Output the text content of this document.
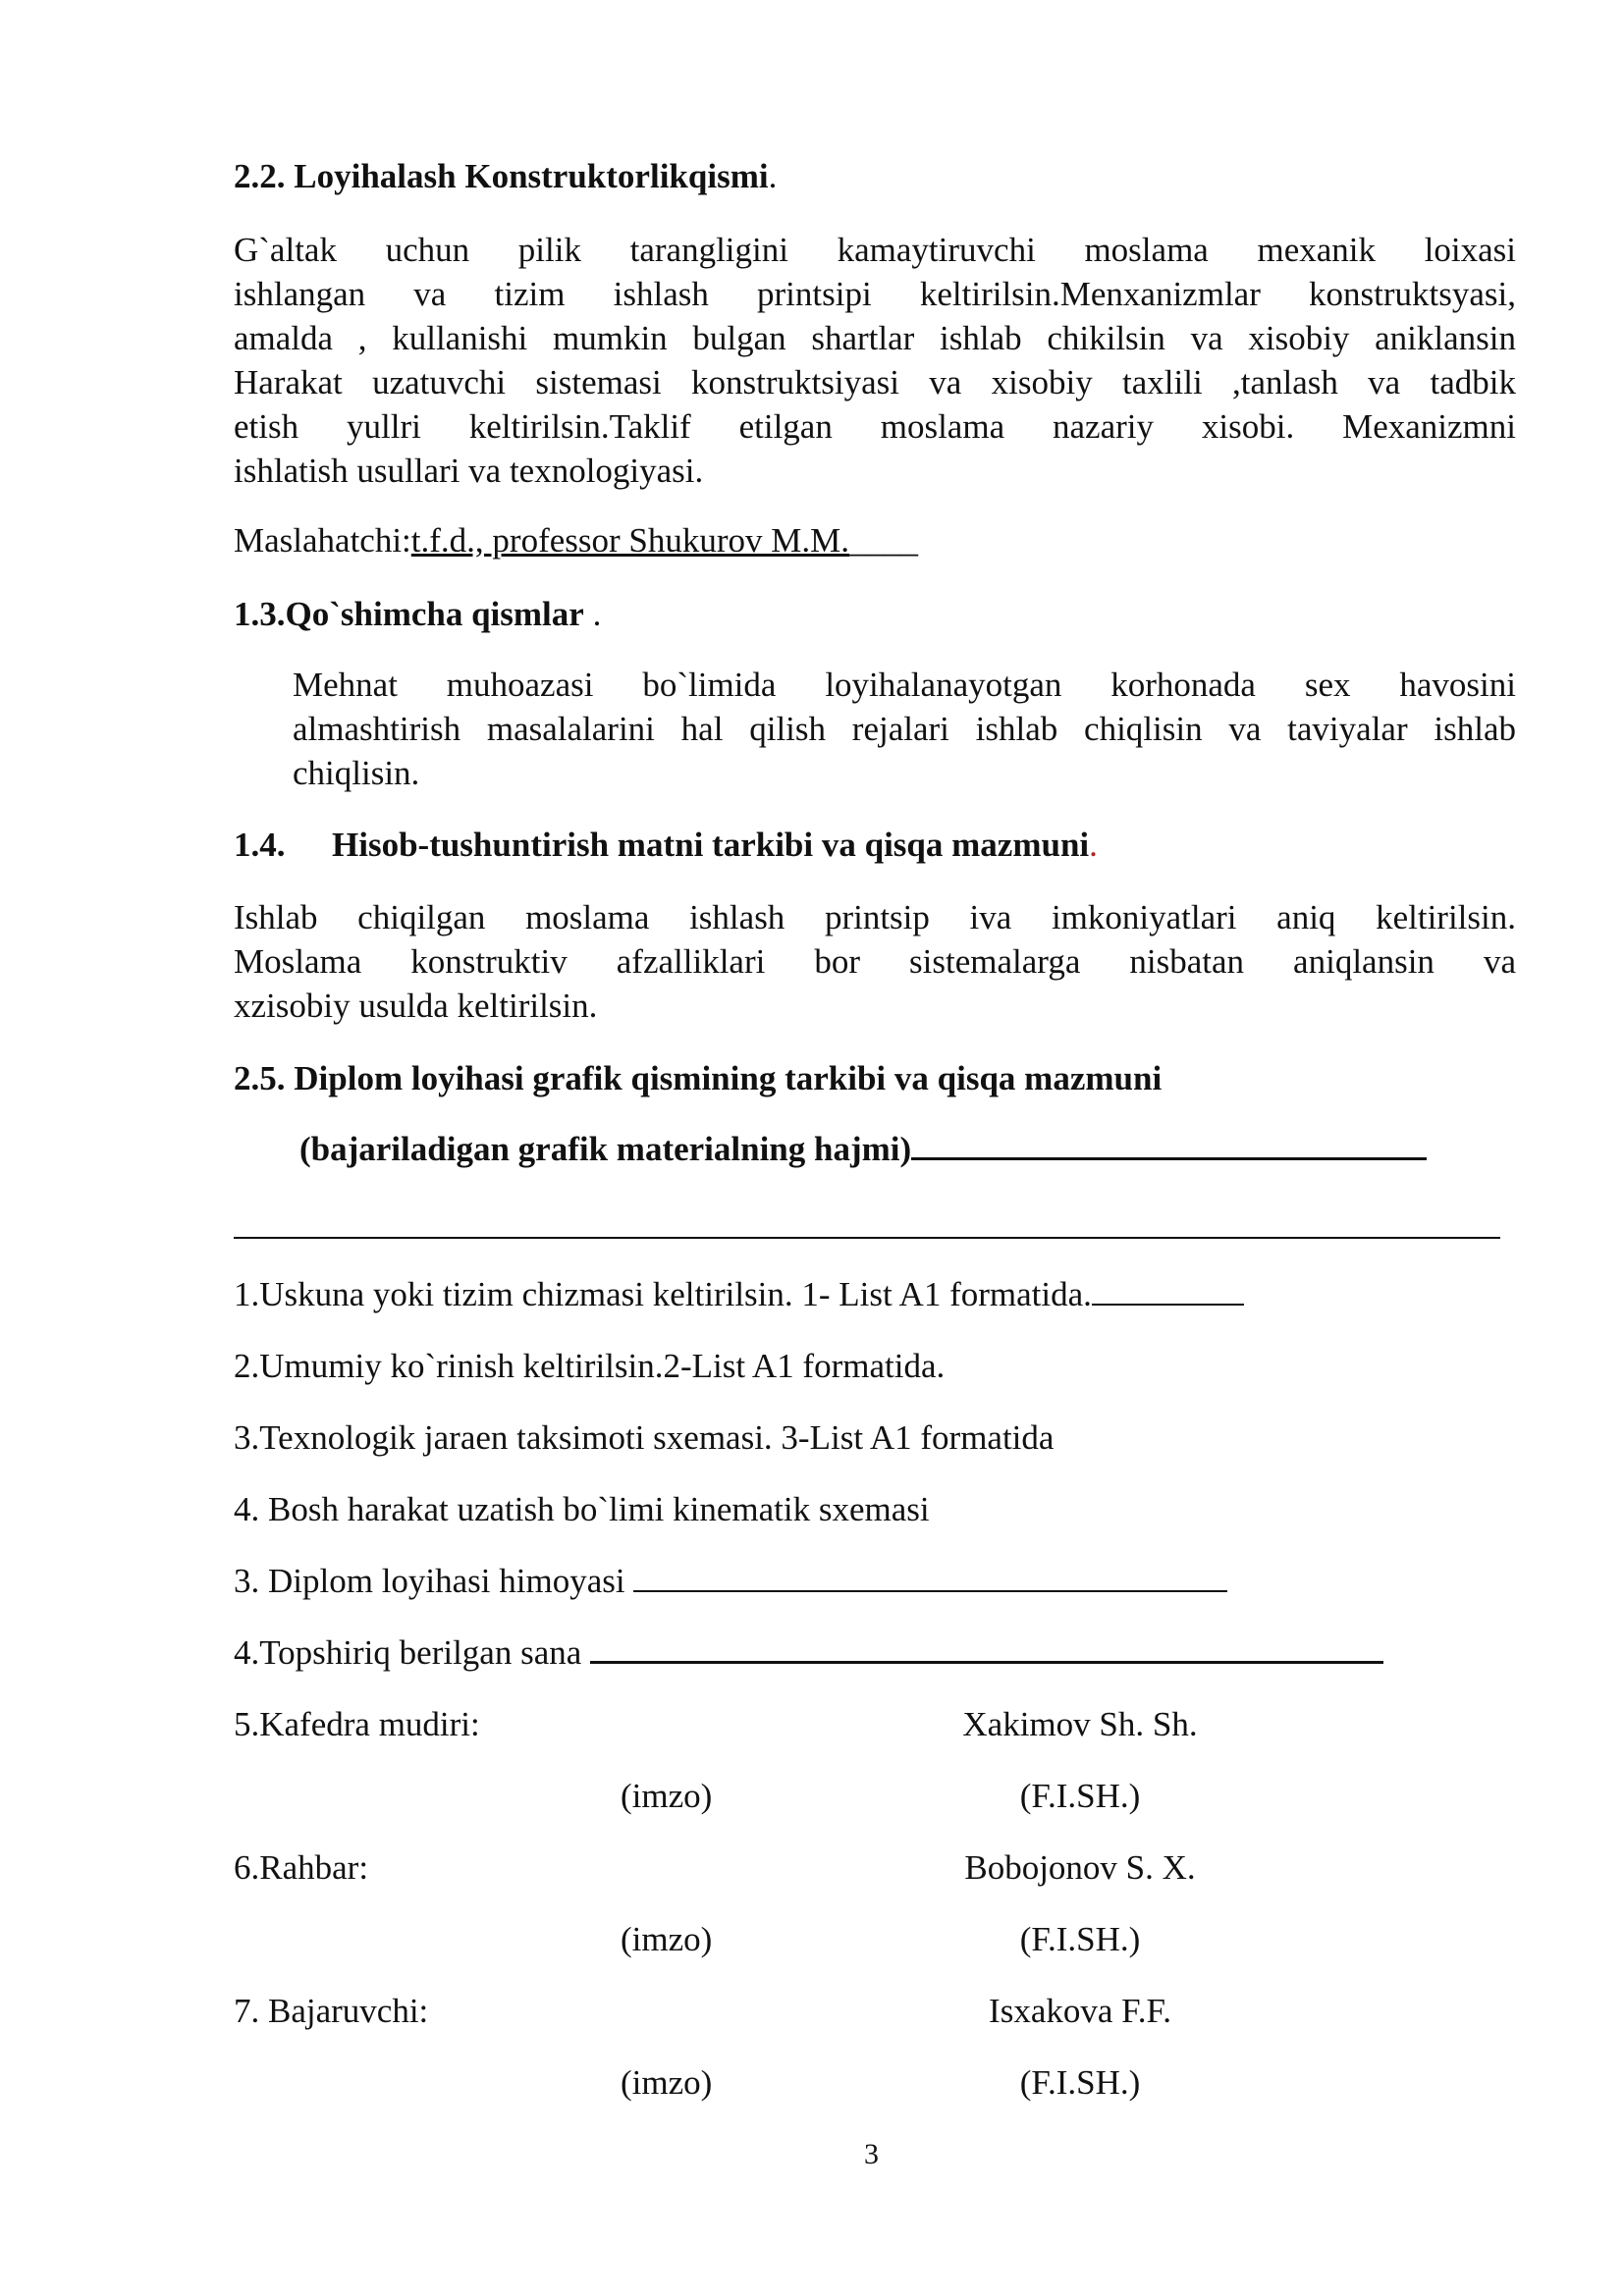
2.2. Loyihalash Konstruktorlikqismi.

G`altak uchun pilik tarangligini kamaytiruvchi moslama mexanik loixasi
ishlangan va tizim ishlash printsipi keltirilsin.Menxanizmlar konstruktsyasi,
amalda , kullanishi mumkin bulgan shartlar ishlab chikilsin va xisobiy aniklansin
Harakat uzatuvchi sistemasi konstruktsiyasi va xisobiy taxlili ,tanlash va tadbik
etish yullri keltirilsin.Taklif etilgan moslama nazariy xisobi. Mexanizmni
ishlatish usullari va texnologiyasi.

Maslahatchi:t.f.d., professor Shukurov M.M.____

1.3.Qo`shimcha qismlar .

Mehnat muhoazasi bo`limida loyihalanayotgan korhonada sex havosini
almashtirish masalalarini hal qilish rejalari ishlab chiqlisin va taviyalar ishlab
chiqlisin.

1.4. Hisob-tushuntirish matni tarkibi va qisqa mazmuni.

Ishlab chiqilgan moslama ishlash printsip iva imkoniyatlari aniq keltirilsin.
Moslama konstruktiv afzalliklari bor sistemalarga nisbatan aniqlansin va
xzisobiy usulda keltirilsin.

2.5. Diplom loyihasi grafik qismining tarkibi va qisqa mazmuni

(bajariladigan grafik materialning hajmi)

1.Uskuna yoki tizim chizmasi keltirilsin. 1- List A1 formatida.

2.Umumiy ko`rinish keltirilsin.2-List A1 formatida.

3.Texnologik jaraen taksimoti sxemasi. 3-List A1 formatida

4. Bosh harakat uzatish bo`limi kinematik sxemasi

3. Diplom loyihasi himoyasi

4.Topshiriq berilgan sana

5.Kafedra mudiri:	Xakimov Sh. Sh.
(imzo)	(F.I.SH.)
6.Rahbar:	Bobojonov S. X.
(imzo)	(F.I.SH.)
7. Bajaruvchi:	Isxakova F.F.
(imzo)	(F.I.SH.)
3
